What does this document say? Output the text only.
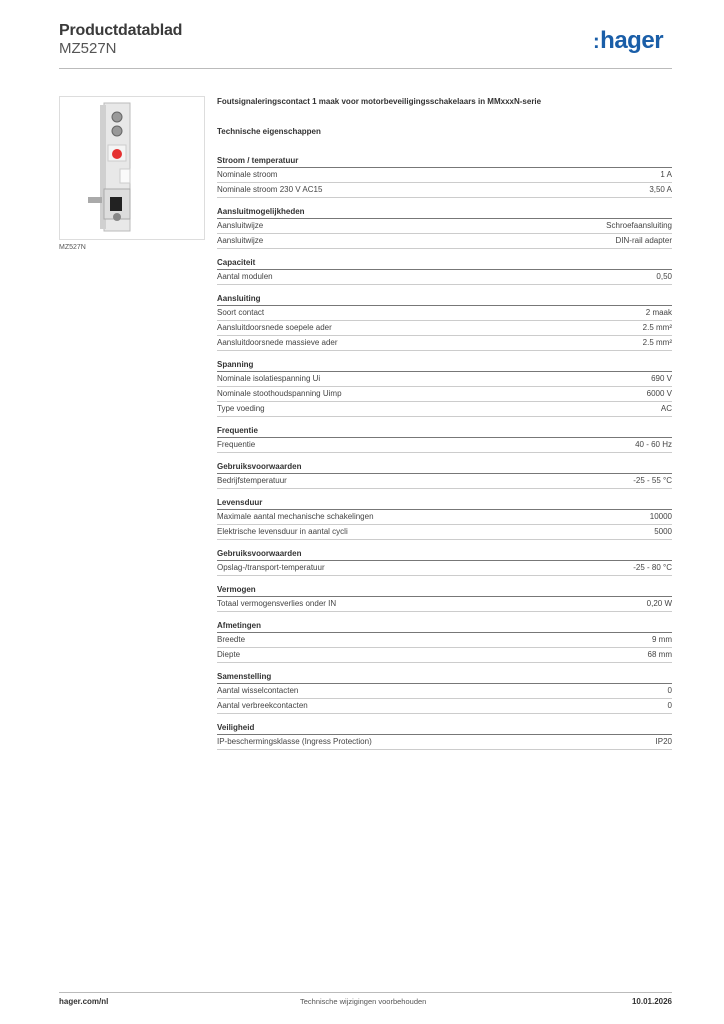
Productdatablad
MZ527N	:hager
MZ527N
Foutsignaleringscontact 1 maak voor motorbeveiligingsschakelaars in MMxxxN-serie
Technische eigenschappen
Stroom / temperatuur
Nominale stroom	1 A
Nominale stroom 230 V AC15	3,50 A
Aansluitmogelijkheden
Aansluitwijze	Schroefaansluiting
Aansluitwijze	DIN-rail adapter
Capaciteit
Aantal modulen	0,50
Aansluiting
Soort contact	2 maak
Aansluitdoorsnede soepele ader	2.5 mm²
Aansluitdoorsnede massieve ader	2.5 mm²
Spanning
Nominale isolatiespanning Ui	690 V
Nominale stoothoudspanning Uimp	6000 V
Type voeding	AC
Frequentie
Frequentie	40 - 60 Hz
Gebruiksvoorwaarden
Bedrijfstemperatuur	-25 - 55 °C
Levensduur
Maximale aantal mechanische schakelingen	10000
Elektrische levensduur in aantal cycli	5000
Gebruiksvoorwaarden
Opslag-/transport-temperatuur	-25 - 80 °C
Vermogen
Totaal vermogensverlies onder IN	0,20 W
Afmetingen
Breedte	9 mm
Diepte	68 mm
Samenstelling
Aantal wisselcontacten	0
Aantal verbreekcontacten	0
Veiligheid
IP-beschermingsklasse (Ingress Protection)	IP20
hager.com/nl	Technische wijzigingen voorbehouden	10.01.2026
